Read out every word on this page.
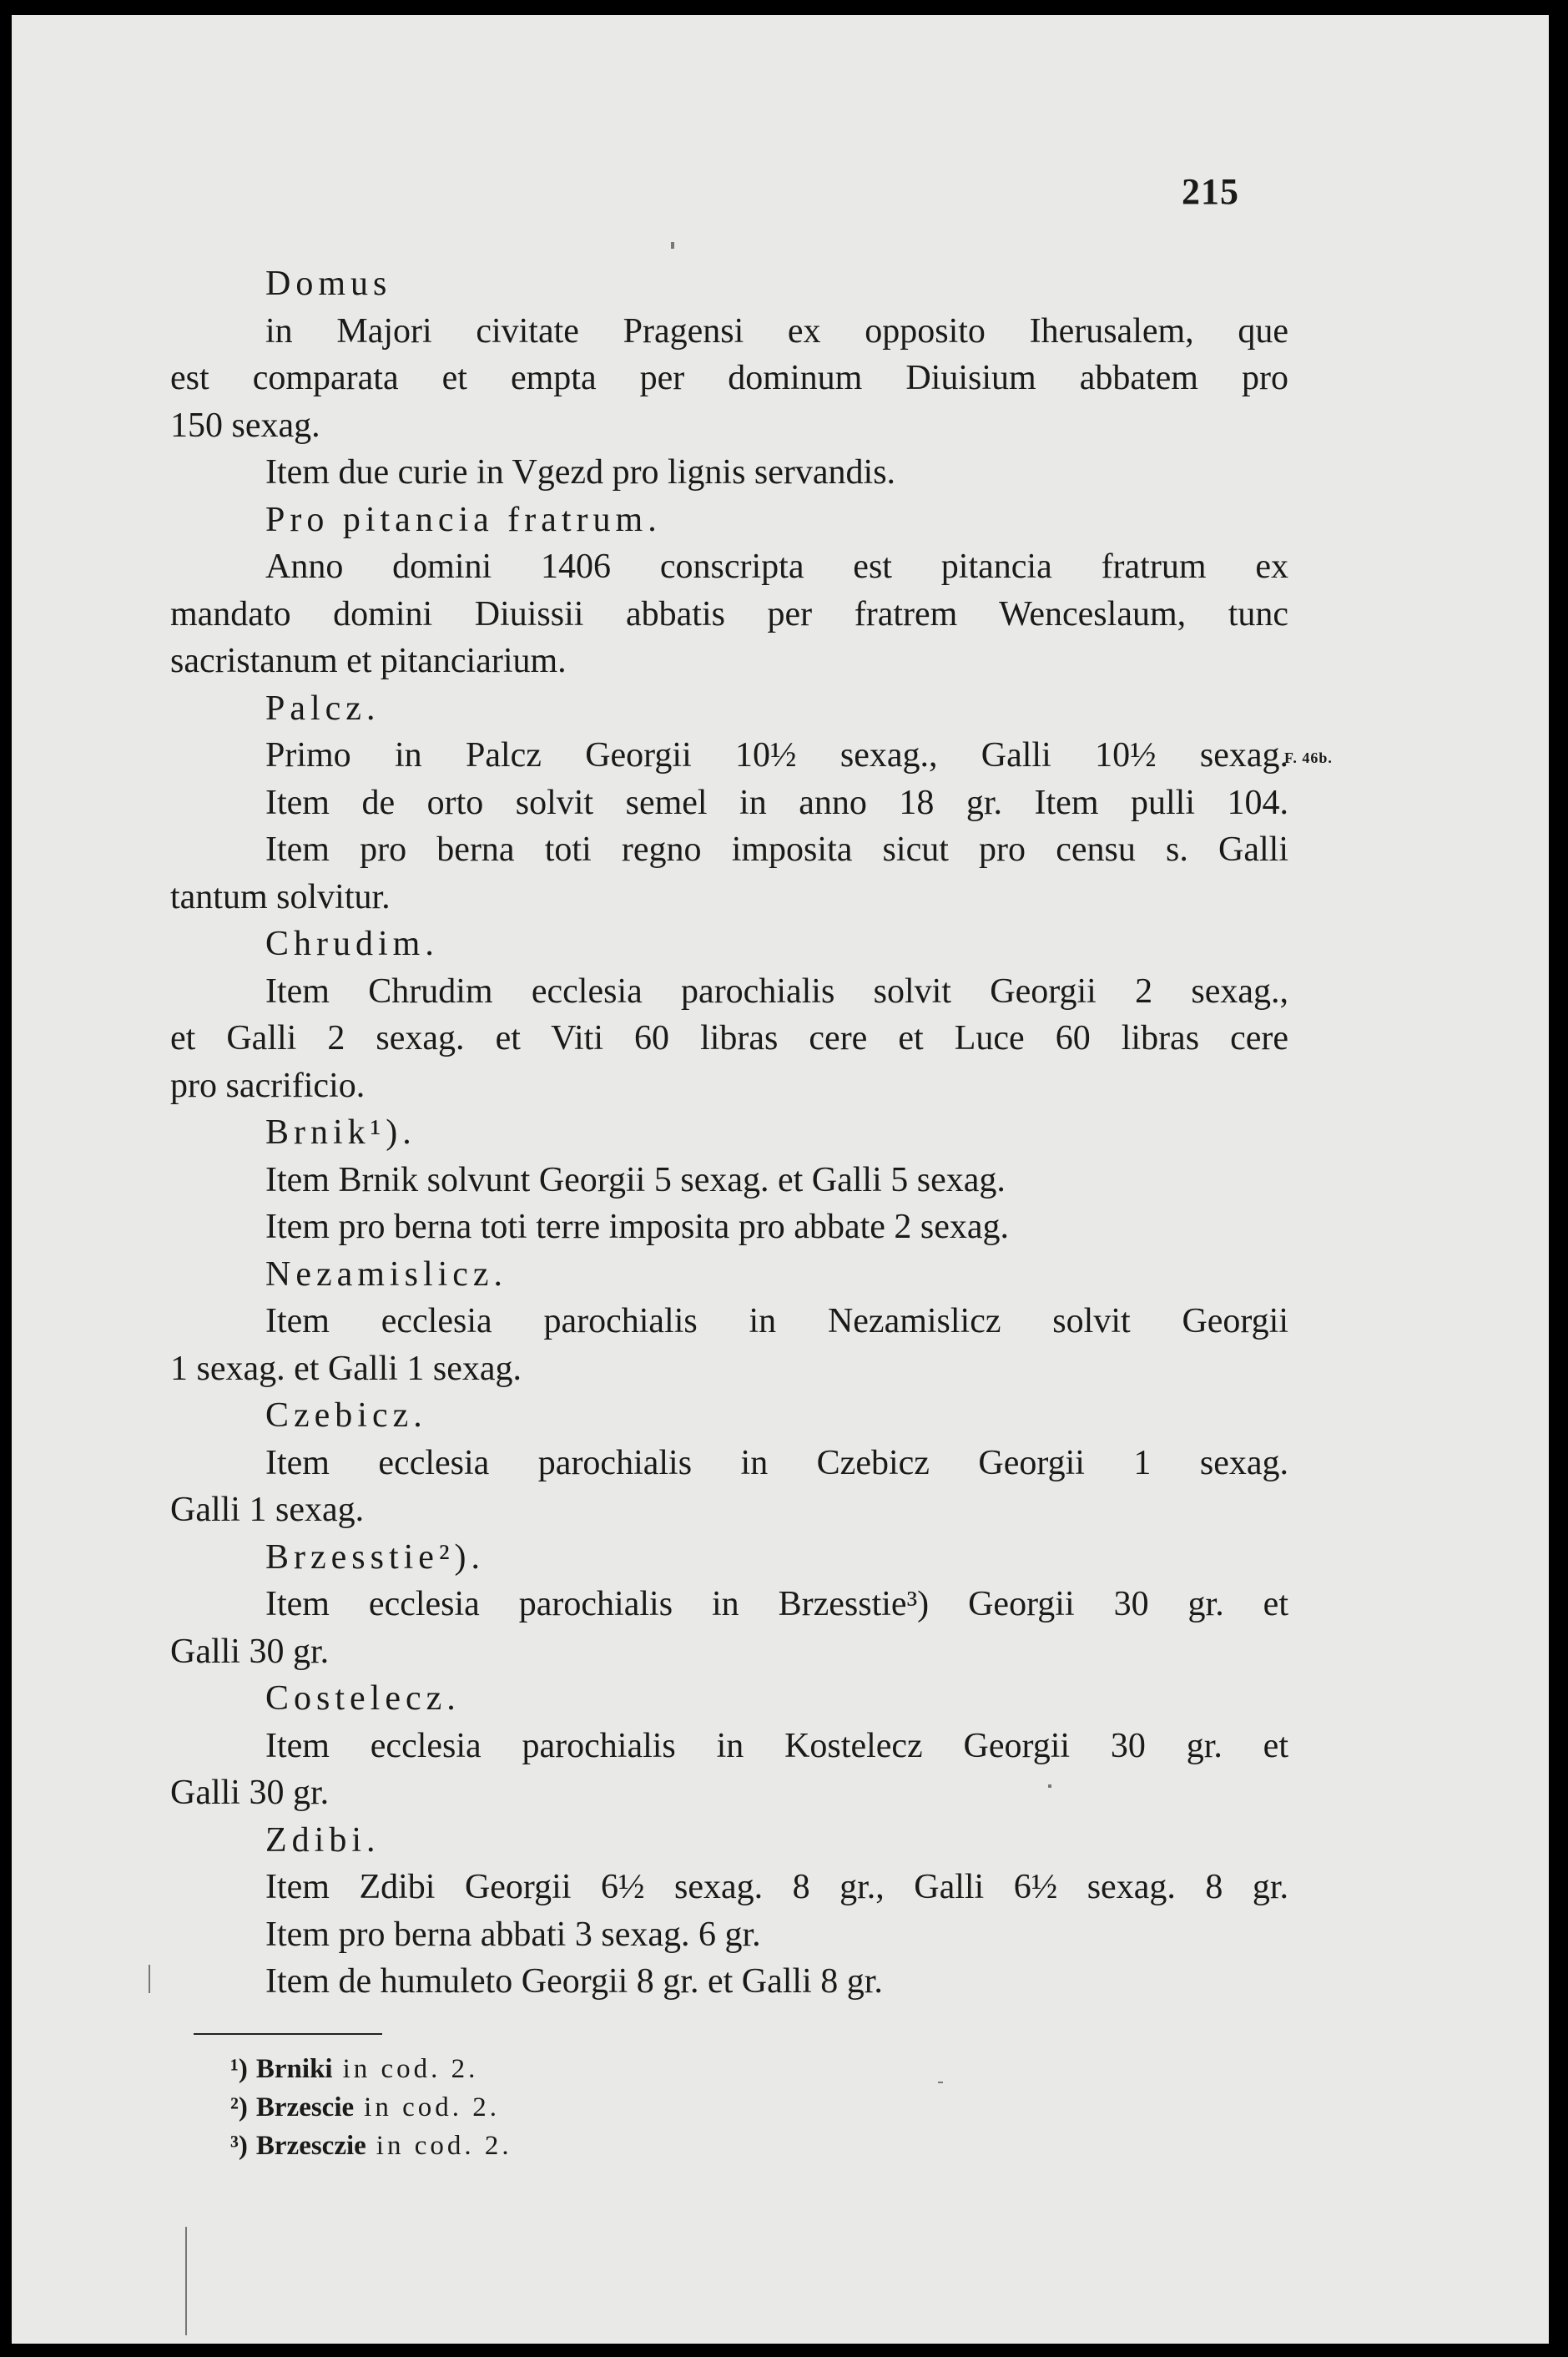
215
Domus
in Majori civitate Pragensi ex opposito Iherusalem, que
est comparata et empta per dominum Diuisium abbatem pro
150 sexag.
Item due curie in Vgezd pro lignis servandis.
Pro pitancia fratrum.
Anno domini 1406 conscripta est pitancia fratrum ex
mandato domini Diuissii abbatis per fratrem Wenceslaum, tunc
sacristanum et pitanciarium.
Palcz.
Primo in Palcz Georgii 10½ sexag., Galli 10½ sexag.
Item de orto solvit semel in anno 18 gr. Item pulli 104.
Item pro berna toti regno imposita sicut pro censu s. Galli
tantum solvitur.
Chrudim.
Item Chrudim ecclesia parochialis solvit Georgii 2 sexag.,
et Galli 2 sexag. et Viti 60 libras cere et Luce 60 libras cere
pro sacrificio.
Brnik¹).
Item Brnik solvunt Georgii 5 sexag. et Galli 5 sexag.
Item pro berna toti terre imposita pro abbate 2 sexag.
Nezamislicz.
Item ecclesia parochialis in Nezamislicz solvit Georgii
1 sexag. et Galli 1 sexag.
Czebicz.
Item ecclesia parochialis in Czebicz Georgii 1 sexag.
Galli 1 sexag.
Brzesstie²).
Item ecclesia parochialis in Brzesstie³) Georgii 30 gr. et
Galli 30 gr.
Costelecz.
Item ecclesia parochialis in Kostelecz Georgii 30 gr. et
Galli 30 gr.
Zdibi.
Item Zdibi Georgii 6½ sexag. 8 gr., Galli 6½ sexag. 8 gr.
Item pro berna abbati 3 sexag. 6 gr.
Item de humuleto Georgii 8 gr. et Galli 8 gr.
F. 46b.
¹) Brniki in cod. 2.
²) Brzescie in cod. 2.
³) Brzesczie in cod. 2.
